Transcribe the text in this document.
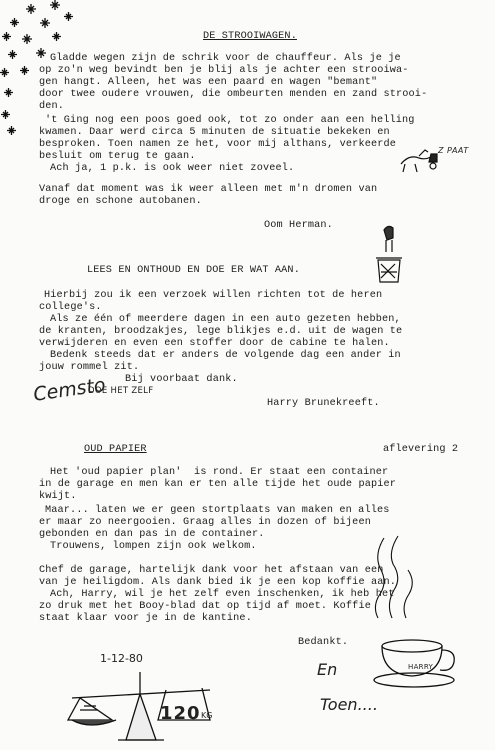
DE STROOIWAGEN.
Gladde wegen zijn de schrik voor de chauffeur. Als je je
op zo'n weg bevindt ben je blij als je achter een strooiwa-
gen hangt. Alleen, het was een paard en wagen "bemant"
door twee oudere vrouwen, die ombeurten menden en zand strooi-
den.
't Ging nog een poos goed ook, tot zo onder aan een helling
kwamen. Daar werd circa 5 minuten de situatie bekeken en
besproken. Toen namen ze het, voor mij althans, verkeerde
besluit om terug te gaan.
Ach ja, 1 p.k. is ook weer niet zoveel.
Z PAAT
Vanaf dat moment was ik weer alleen met m'n dromen van
droge en schone autobanen.
Oom Herman.
LEES EN ONTHOUD EN DOE ER WAT AAN.
Hierbij zou ik een verzoek willen richten tot de heren
college's.
Als ze één of meerdere dagen in een auto gezeten hebben,
de kranten, broodzakjes, lege blikjes e.d. uit de wagen te
verwijderen en even een stoffer door de cabine te halen.
Bedenk steeds dat er anders de volgende dag een ander in
jouw rommel zit.
Bij voorbaat dank.
Cemsto
DOE HET ZELF
Harry Brunekreeft.
OUD PAPIER	aflevering 2
Het 'oud papier plan'  is rond. Er staat een container
in de garage en men kan er ten alle tijde het oude papier
kwijt.
Maar... laten we er geen stortplaats van maken en alles
er maar zo neergooien. Graag alles in dozen of bijeen
gebonden en dan pas in de container.
Trouwens, lompen zijn ook welkom.
Chef de garage, hartelijk dank voor het afstaan van een
van je heiligdom. Als dank bied ik je een kop koffie aan.
Ach, Harry, wil je het zelf even inschenken, ik heb het
zo druk met het Booy-blad dat op tijd af moet. Koffie
staat klaar voor je in de kantine.
Bedankt.
1-12-80
120 KG
En
Toen....
HARRY
